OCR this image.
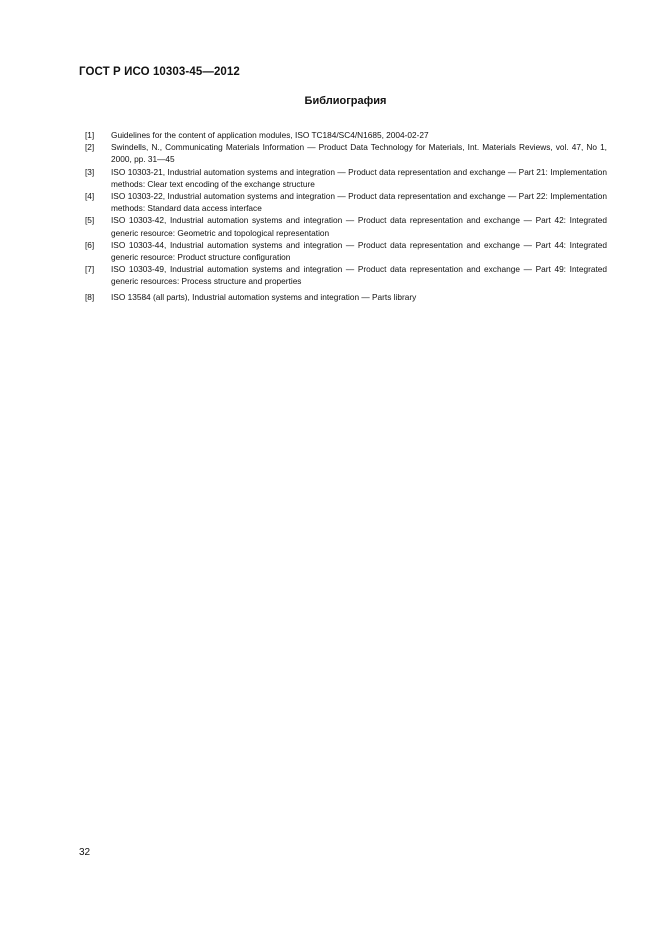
ГОСТ Р ИСО 10303-45—2012
Библиография
[1]	Guidelines for the content of application modules, ISO TC184/SC4/N1685, 2004-02-27
[2]	Swindells, N., Communicating Materials Information — Product Data Technology for Materials, Int. Materials Reviews, vol. 47, No 1, 2000, pp. 31—45
[3]	ISO 10303-21, Industrial automation systems and integration — Product data representation and exchange — Part 21: Implementation methods: Clear text encoding of the exchange structure
[4]	ISO 10303-22, Industrial automation systems and integration — Product data representation and exchange — Part 22: Implementation methods: Standard data access interface
[5]	ISO 10303-42, Industrial automation systems and integration — Product data representation and exchange — Part 42: Integrated generic resource: Geometric and topological representation
[6]	ISO 10303-44, Industrial automation systems and integration — Product data representation and exchange — Part 44: Integrated generic resource: Product structure configuration
[7]	ISO 10303-49, Industrial automation systems and integration — Product data representation and exchange — Part 49: Integrated generic resources: Process structure and properties
[8]	ISO 13584 (all parts), Industrial automation systems and integration — Parts library
32
